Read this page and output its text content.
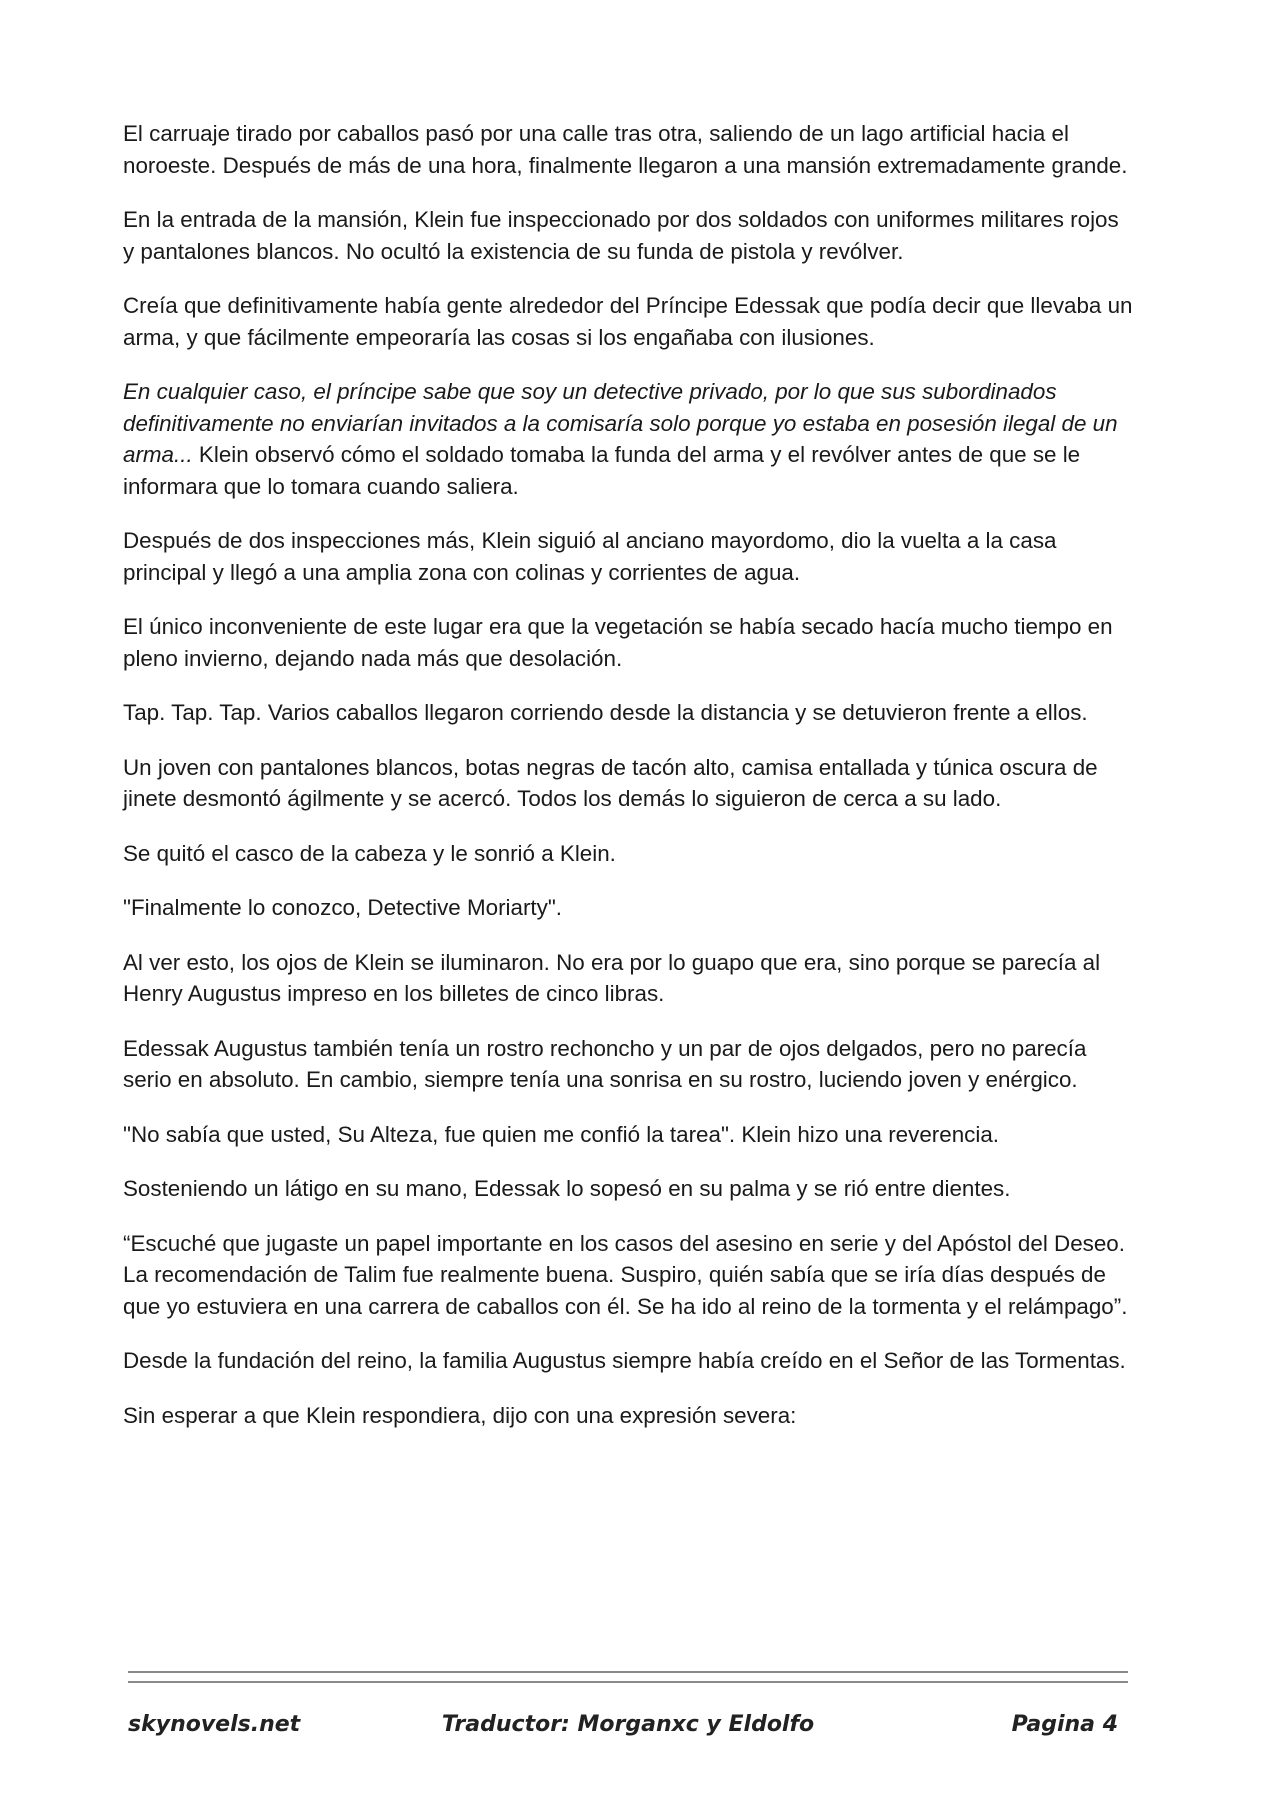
El carruaje tirado por caballos pasó por una calle tras otra, saliendo de un lago artificial hacia el noroeste. Después de más de una hora, finalmente llegaron a una mansión extremadamente grande.

En la entrada de la mansión, Klein fue inspeccionado por dos soldados con uniformes militares rojos y pantalones blancos. No ocultó la existencia de su funda de pistola y revólver.

Creía que definitivamente había gente alrededor del Príncipe Edessak que podía decir que llevaba un arma, y que fácilmente empeoraría las cosas si los engañaba con ilusiones.

En cualquier caso, el príncipe sabe que soy un detective privado, por lo que sus subordinados definitivamente no enviarían invitados a la comisaría solo porque yo estaba en posesión ilegal de un arma... Klein observó cómo el soldado tomaba la funda del arma y el revólver antes de que se le informara que lo tomara cuando saliera.

Después de dos inspecciones más, Klein siguió al anciano mayordomo, dio la vuelta a la casa principal y llegó a una amplia zona con colinas y corrientes de agua.

El único inconveniente de este lugar era que la vegetación se había secado hacía mucho tiempo en pleno invierno, dejando nada más que desolación.

Tap. Tap. Tap. Varios caballos llegaron corriendo desde la distancia y se detuvieron frente a ellos.

Un joven con pantalones blancos, botas negras de tacón alto, camisa entallada y túnica oscura de jinete desmontó ágilmente y se acercó. Todos los demás lo siguieron de cerca a su lado.

Se quitó el casco de la cabeza y le sonrió a Klein.

"Finalmente lo conozco, Detective Moriarty".

Al ver esto, los ojos de Klein se iluminaron. No era por lo guapo que era, sino porque se parecía al Henry Augustus impreso en los billetes de cinco libras.

Edessak Augustus también tenía un rostro rechoncho y un par de ojos delgados, pero no parecía serio en absoluto. En cambio, siempre tenía una sonrisa en su rostro, luciendo joven y enérgico.

"No sabía que usted, Su Alteza, fue quien me confió la tarea". Klein hizo una reverencia.

Sosteniendo un látigo en su mano, Edessak lo sopesó en su palma y se rió entre dientes.

“Escuché que jugaste un papel importante en los casos del asesino en serie y del Apóstol del Deseo. La recomendación de Talim fue realmente buena. Suspiro, quién sabía que se iría días después de que yo estuviera en una carrera de caballos con él. Se ha ido al reino de la tormenta y el relámpago”.

Desde la fundación del reino, la familia Augustus siempre había creído en el Señor de las Tormentas.

Sin esperar a que Klein respondiera, dijo con una expresión severa:

skynovels.net	Traductor: Morganxc y Eldolfo	Pagina 4
